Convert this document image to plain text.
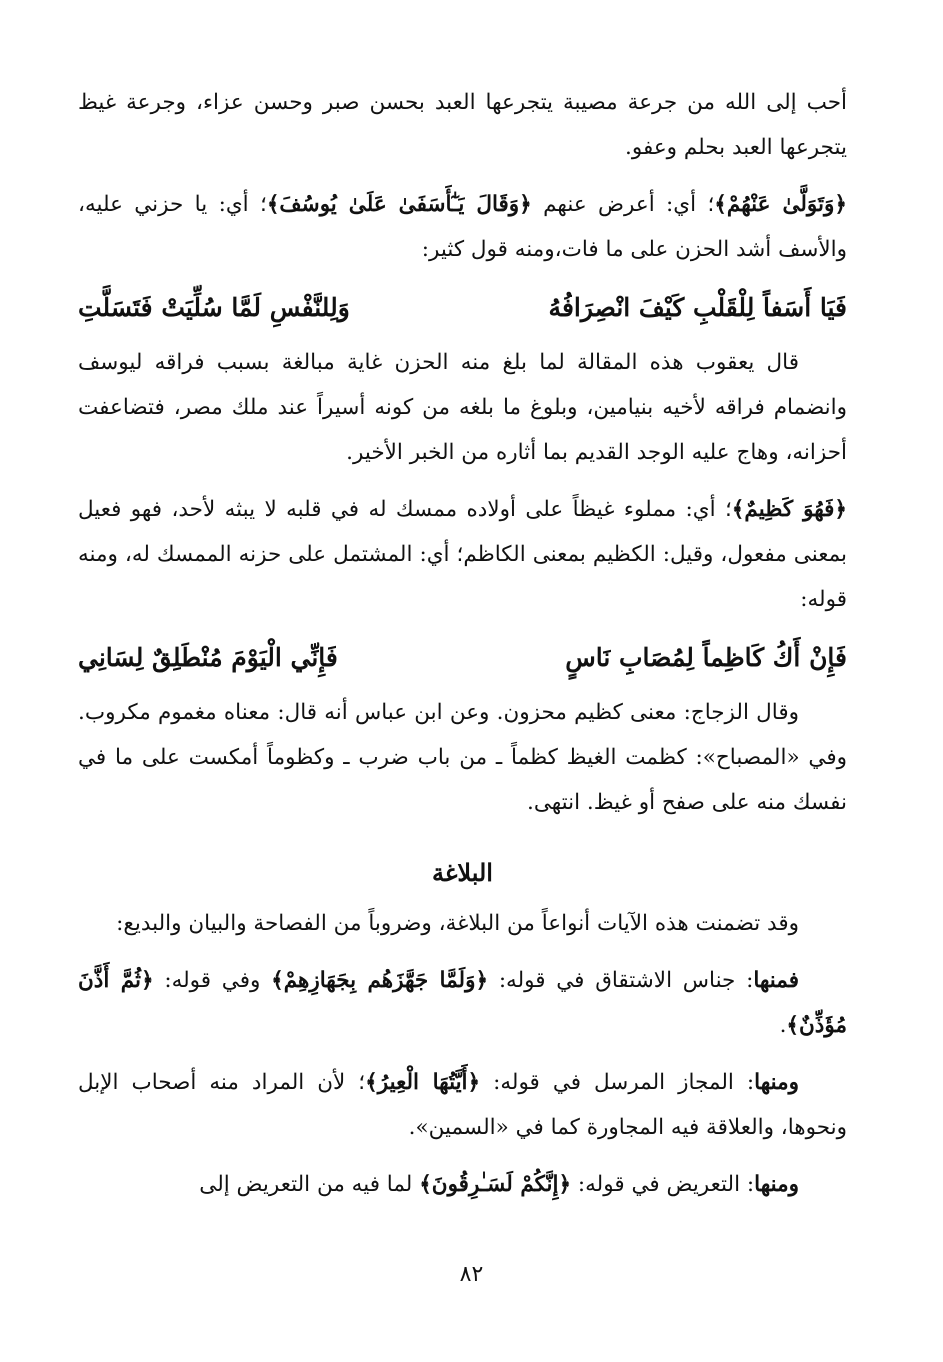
أحب إلى الله من جرعة مصيبة يتجرعها العبد بحسن صبر وحسن عزاء، وجرعة غيظ يتجرعها العبد بحلم وعفو.

﴿وَتَوَلَّىٰ عَنْهُمْ﴾؛ أي: أعرض عنهم ﴿وَقَالَ يَـٰٓأَسَفَىٰ عَلَىٰ يُوسُفَ﴾؛ أي: يا حزني عليه، والأسف أشد الحزن على ما فات،ومنه قول كثير:

فَيَا أَسَفاً لِلْقَلْبِ كَيْفَ انْصِرَافُهُ
وَلِلنَّفْسِ لَمَّا سُلِّيَتْ فَتَسَلَّتِ

قال يعقوب هذه المقالة لما بلغ منه الحزن غاية مبالغة بسبب فراقه ليوسف وانضمام فراقه لأخيه بنيامين، وبلوغ ما بلغه من كونه أسيراً عند ملك مصر، فتضاعفت أحزانه، وهاج عليه الوجد القديم بما أثاره من الخبر الأخير.

﴿فَهُوَ كَظِيمٌ﴾؛ أي: مملوء غيظاً على أولاده ممسك له في قلبه لا يبثه لأحد، فهو فعيل بمعنى مفعول، وقيل: الكظيم بمعنى الكاظم؛ أي: المشتمل على حزنه الممسك له، ومنه قوله:

فَإِنْ أَكُ كَاظِماً لِمُصَابِ نَاسٍ
فَإِنِّي الْيَوْمَ مُنْطَلِقٌ لِسَانِي

وقال الزجاج: معنى كظيم محزون. وعن ابن عباس أنه قال: معناه مغموم مكروب. وفي «المصباح»: كظمت الغيظ كظماً ـ من باب ضرب ـ وكظوماً أمكست على ما في نفسك منه على صفح أو غيظ. انتهى.

البلاغة

وقد تضمنت هذه الآيات أنواعاً من البلاغة، وضروباً من الفصاحة والبيان والبديع:

فمنها: جناس الاشتقاق في قوله: ﴿وَلَمَّا جَهَّزَهُم بِجَهَازِهِمْ﴾ وفي قوله: ﴿ثُمَّ أَذَّنَ مُؤَذِّنٌ﴾.

ومنها: المجاز المرسل في قوله: ﴿أَيَّتُهَا الْعِيرُ﴾؛ لأن المراد منه أصحاب الإبل ونحوها، والعلاقة فيه المجاورة كما في «السمين».

ومنها: التعريض في قوله: ﴿إِنَّكُمْ لَسَـٰرِقُونَ﴾ لما فيه من التعريض إلى

٨٢
